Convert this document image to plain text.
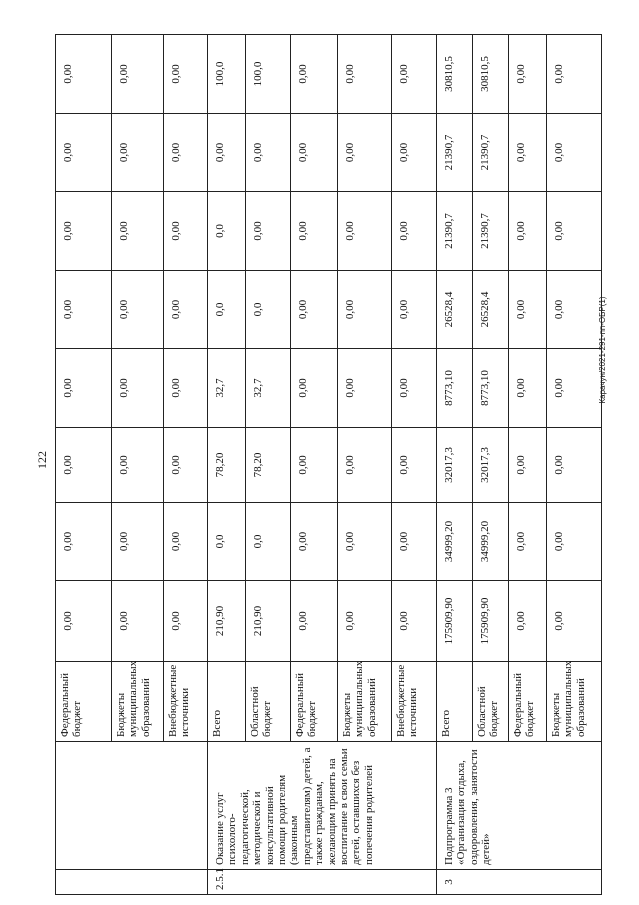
122
		Федеральный бюджет	0,00	0,00	0,00	0,00	0,00	0,00	0,00	0,00
		Бюджеты муниципальных образований	0,00	0,00	0,00	0,00	0,00	0,00	0,00	0,00
		Внебюджетные источники	0,00	0,00	0,00	0,00	0,00	0,00	0,00	0,00
2.5.1	Оказание услуг психолого-педагогической, методической и консультативной помощи родителям (законным представителям) детей, а также гражданам, желающим принять на воспитание в свои семьи детей, оставшихся без попечения родителей	Всего	210,90	0,0	78,20	32,7	0,0	0,0	0,00	100,0
		Областной бюджет	210,90	0,0	78,20	32,7	0,0	0,00	0,00	100,0
		Федеральный бюджет	0,00	0,00	0,00	0,00	0,00	0,00	0,00	0,00
		Бюджеты муниципальных образований	0,00	0,00	0,00	0,00	0,00	0,00	0,00	0,00
		Внебюджетные источники	0,00	0,00	0,00	0,00	0,00	0,00	0,00	0,00
3	Подпрограмма 3 «Организация отдыха, оздоровления, занятости детей»	Всего	175909,90	34999,20	32017,3	8773,10	26528,4	21390,7	21390,7	30810,5
		Областной бюджет	175909,90	34999,20	32017,3	8773,10	26528,4	21390,7	21390,7	30810,5
		Федеральный бюджет	0,00	0,00	0,00	0,00	0,00	0,00	0,00	0,00
		Бюджеты муниципальных образований	0,00	0,00	0,00	0,00	0,00	0,00	0,00	0,00
Карачун/2021-291-пп-ОБР(1)
